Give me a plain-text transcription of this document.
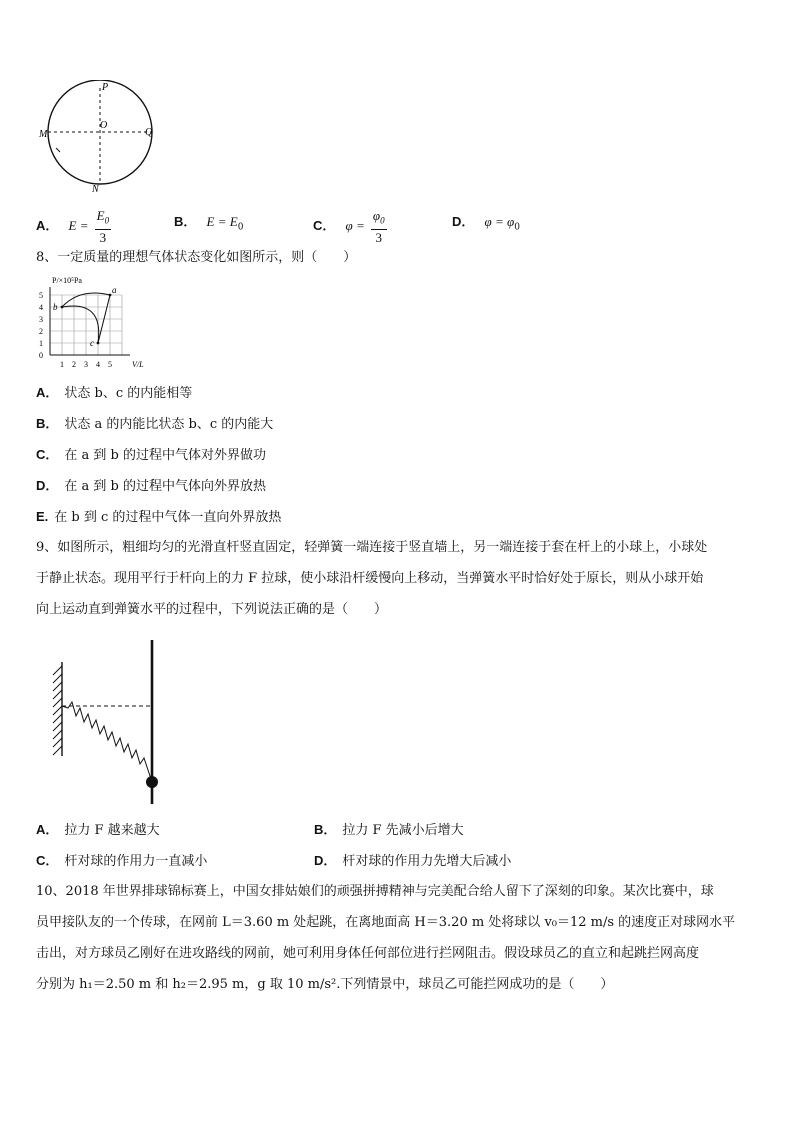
P
O
Q
M
N
A． $E = \frac{E_0}{3}$	B． $E = E_0$	C． $\varphi = \frac{\varphi_0}{3}$	D． $\varphi = \varphi_0$
8、一定质量的理想气体状态变化如图所示，则（　　）
0
1
2
3
4
5
1 2 3 4 5
P/×10⁵Pa
V/L
a
b
c
A． 状态 b、c 的内能相等
B． 状态 a 的内能比状态 b、c 的内能大
C． 在 a 到 b 的过程中气体对外界做功
D． 在 a 到 b 的过程中气体向外界放热
E. 在 b 到 c 的过程中气体一直向外界放热
9、如图所示，粗细均匀的光滑直杆竖直固定，轻弹簧一端连接于竖直墙上，另一端连接于套在杆上的小球上，小球处
于静止状态。现用平行于杆向上的力 F 拉球，使小球沿杆缓慢向上移动，当弹簧水平时恰好处于原长，则从小球开始
向上运动直到弹簧水平的过程中，下列说法正确的是（　　）
A． 拉力 F 越来越大	B． 拉力 F 先减小后增大
C． 杆对球的作用力一直减小	D． 杆对球的作用力先增大后减小
10、2018 年世界排球锦标赛上，中国女排姑娘们的顽强拼搏精神与完美配合给人留下了深刻的印象。某次比赛中，球
员甲接队友的一个传球，在网前 L＝3.60 m 处起跳，在离地面高 H＝3.20 m 处将球以 v₀＝12 m/s 的速度正对球网水平
击出，对方球员乙刚好在进攻路线的网前，她可利用身体任何部位进行拦网阻击。假设球员乙的直立和起跳拦网高度
分别为 h₁＝2.50 m 和 h₂＝2.95 m，g 取 10 m/s².下列情景中，球员乙可能拦网成功的是（　　）
